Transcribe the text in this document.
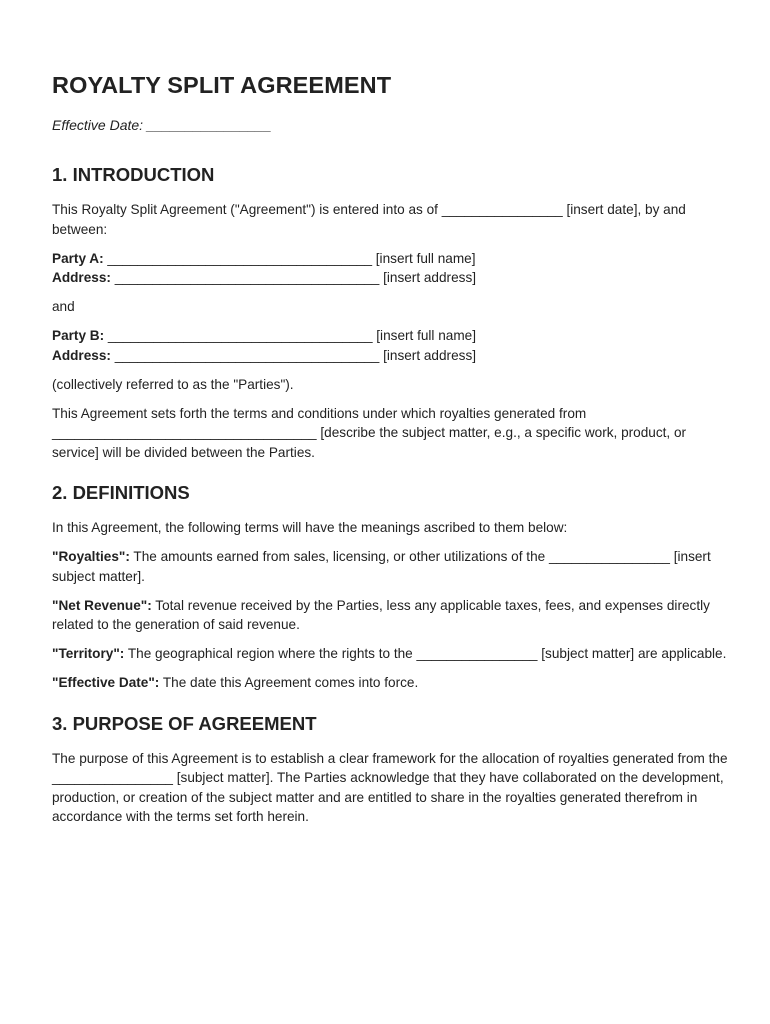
ROYALTY SPLIT AGREEMENT
Effective Date: ________________
1. INTRODUCTION

This Royalty Split Agreement ("Agreement") is entered into as of ________________ [insert date], by and between:

Party A: ___________________________________ [insert full name]

Address: ___________________________________ [insert address]

and

Party B: ___________________________________ [insert full name]

Address: ___________________________________ [insert address]

(collectively referred to as the "Parties").

This Agreement sets forth the terms and conditions under which royalties generated from ___________________________________ [describe the subject matter, e.g., a specific work, product, or service] will be divided between the Parties.

2. DEFINITIONS

In this Agreement, the following terms will have the meanings ascribed to them below:

"Royalties": The amounts earned from sales, licensing, or other utilizations of the ________________ [insert subject matter].

"Net Revenue": Total revenue received by the Parties, less any applicable taxes, fees, and expenses directly related to the generation of said revenue.

"Territory": The geographical region where the rights to the ________________ [subject matter] are applicable.

"Effective Date": The date this Agreement comes into force.

3. PURPOSE OF AGREEMENT

The purpose of this Agreement is to establish a clear framework for the allocation of royalties generated from the ________________ [subject matter]. The Parties acknowledge that they have collaborated on the development, production, or creation of the subject matter and are entitled to share in the royalties generated therefrom in accordance with the terms set forth herein.
